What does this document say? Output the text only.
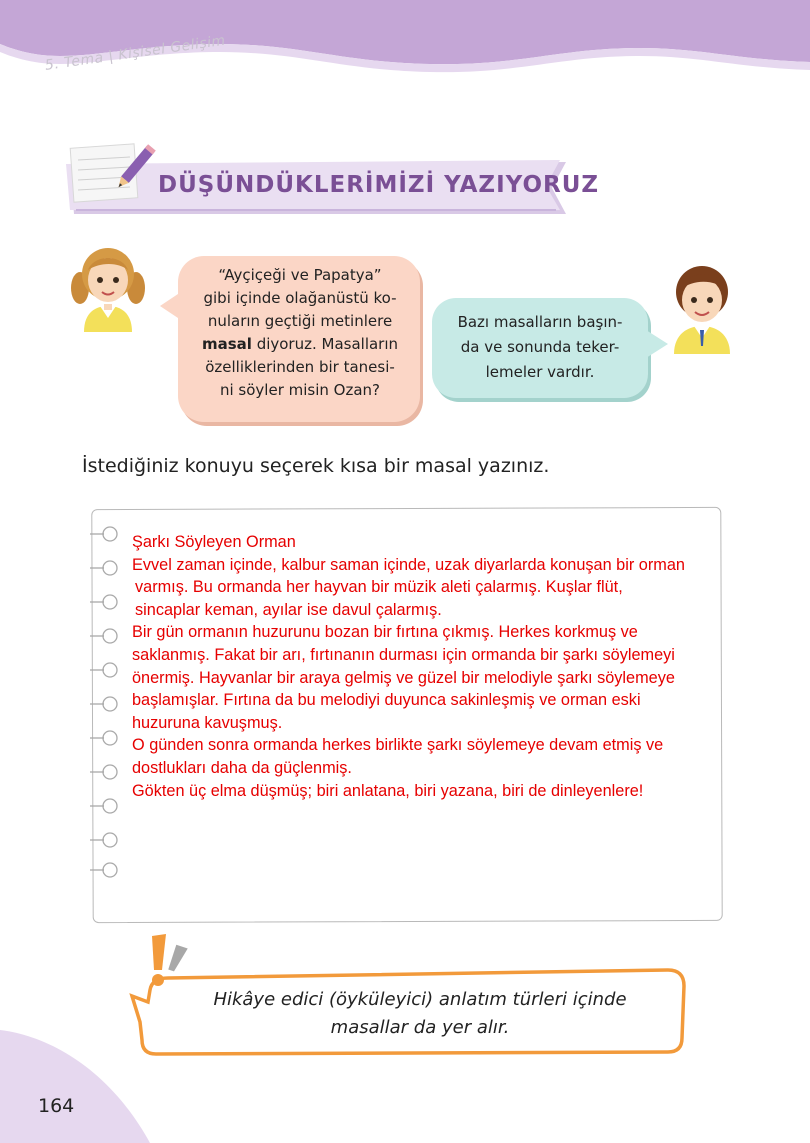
5. Tema | Kişisel Gelişim
DÜŞÜNDÜKLERİMİZİ YAZIYORUZ
“Ayçiçeği ve Papatya”
gibi içinde olağanüstü ko-
nuların geçtiği metinlere
masal diyoruz. Masalların
özelliklerinden bir tanesi-
ni söyler misin Ozan?
Bazı masalların başın-
da ve sonunda teker-
lemeler vardır.
İstediğiniz konuyu seçerek kısa bir masal yazınız.
Şarkı Söyleyen Orman
Evvel zaman içinde, kalbur saman içinde, uzak diyarlarda konuşan bir orman
varmış. Bu ormanda her hayvan bir müzik aleti çalarmış. Kuşlar flüt,
sincaplar keman, ayılar ise davul çalarmış.
Bir gün ormanın huzurunu bozan bir fırtına çıkmış. Herkes korkmuş ve
saklanmış. Fakat bir arı, fırtınanın durması için ormanda bir şarkı söylemeyi
önermiş. Hayvanlar bir araya gelmiş ve güzel bir melodiyle şarkı söylemeye
başlamışlar. Fırtına da bu melodiyi duyunca sakinleşmiş ve orman eski
huzuruna kavuşmuş.
O günden sonra ormanda herkes birlikte şarkı söylemeye devam etmiş ve
dostlukları daha da güçlenmiş.
Gökten üç elma düşmüş; biri anlatana, biri yazana, biri de dinleyenlere!
Hikâye edici (öyküleyici) anlatım türleri içinde
masallar da yer alır.
164
